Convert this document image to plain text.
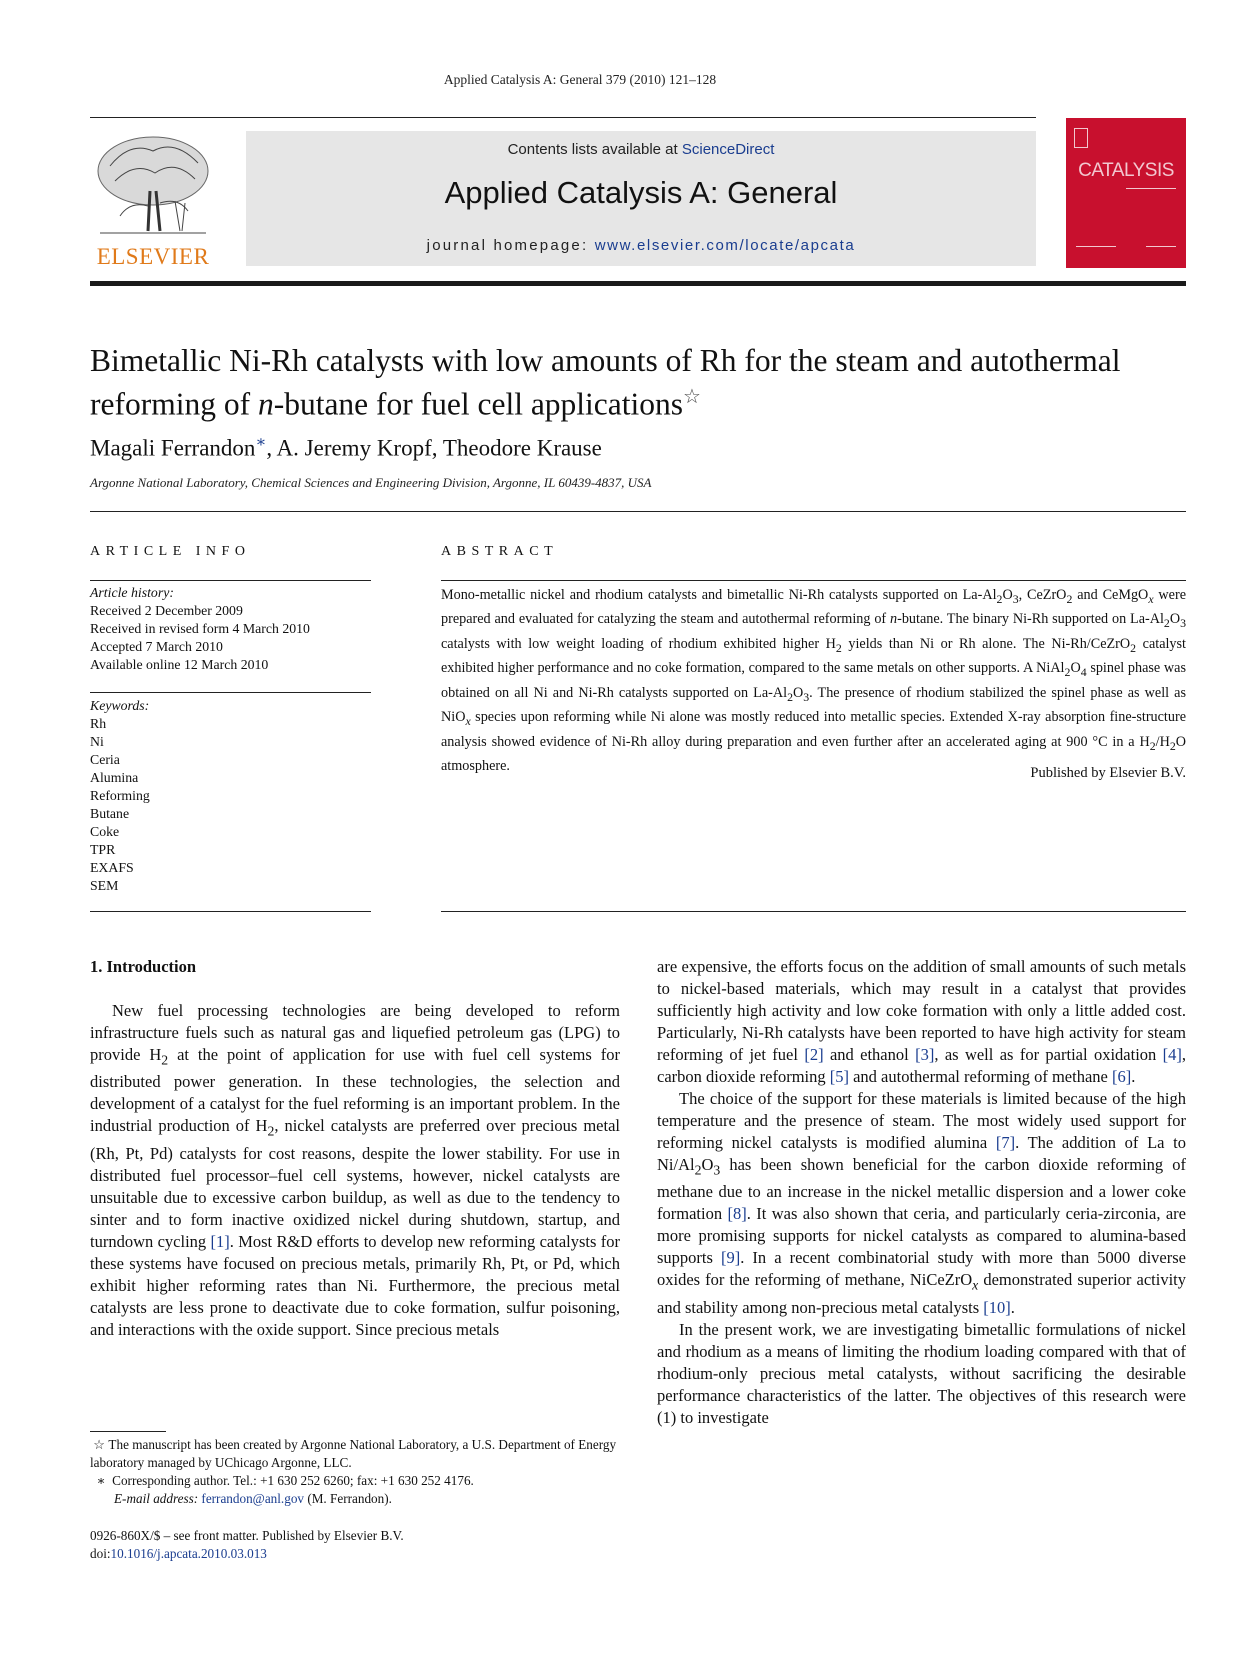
Applied Catalysis A: General 379 (2010) 121–128
ELSEVIER
Contents lists available at ScienceDirect
Applied Catalysis A: General
journal homepage: www.elsevier.com/locate/apcata
CATALYSIS
Bimetallic Ni-Rh catalysts with low amounts of Rh for the steam and autothermal reforming of n-butane for fuel cell applications☆
Magali Ferrandon∗, A. Jeremy Kropf, Theodore Krause
Argonne National Laboratory, Chemical Sciences and Engineering Division, Argonne, IL 60439-4837, USA
ARTICLE INFO	ABSTRACT
Article history:
Received 2 December 2009
Received in revised form 4 March 2010
Accepted 7 March 2010
Available online 12 March 2010
Keywords:
Rh
Ni
Ceria
Alumina
Reforming
Butane
Coke
TPR
EXAFS
SEM
Mono-metallic nickel and rhodium catalysts and bimetallic Ni-Rh catalysts supported on $La-Al_2O_3$, CeZrO$_2$ and CeMgO$_x$ were prepared and evaluated for catalyzing the steam and autothermal reforming of n-butane. The binary Ni-Rh supported on $La-Al_2O_3$ catalysts with low weight loading of rhodium exhibited higher $H_2$ yields than Ni or Rh alone. The Ni-Rh/CeZrO$_2$ catalyst exhibited higher performance and no coke formation, compared to the same metals on other supports. A $NiAl_2O_4$ spinel phase was obtained on all Ni and Ni-Rh catalysts supported on $La-Al_2O_3$. The presence of rhodium stabilized the spinel phase as well as NiO$_x$ species upon reforming while Ni alone was mostly reduced into metallic species. Extended X-ray absorption fine-structure analysis showed evidence of Ni-Rh alloy during preparation and even further after an accelerated aging at 900 °C in a $H_2/H_2O$ atmosphere.	Published by Elsevier B.V.
1. Introduction

New fuel processing technologies are being developed to reform infrastructure fuels such as natural gas and liquefied petroleum gas (LPG) to provide $H_2$ at the point of application for use with fuel cell systems for distributed power generation. In these technologies, the selection and development of a catalyst for the fuel reforming is an important problem. In the industrial production of $H_2$, nickel catalysts are preferred over precious metal (Rh, Pt, Pd) catalysts for cost reasons, despite the lower stability. For use in distributed fuel processor–fuel cell systems, however, nickel catalysts are unsuitable due to excessive carbon buildup, as well as due to the tendency to sinter and to form inactive oxidized nickel during shutdown, startup, and turndown cycling [1]. Most R&D efforts to develop new reforming catalysts for these systems have focused on precious metals, primarily Rh, Pt, or Pd, which exhibit higher reforming rates than Ni. Furthermore, the precious metal catalysts are less prone to deactivate due to coke formation, sulfur poisoning, and interactions with the oxide support. Since precious metals

are expensive, the efforts focus on the addition of small amounts of such metals to nickel-based materials, which may result in a catalyst that provides sufficiently high activity and low coke formation with only a little added cost. Particularly, Ni-Rh catalysts have been reported to have high activity for steam reforming of jet fuel [2] and ethanol [3], as well as for partial oxidation [4], carbon dioxide reforming [5] and autothermal reforming of methane [6].

The choice of the support for these materials is limited because of the high temperature and the presence of steam. The most widely used support for reforming nickel catalysts is modified alumina [7]. The addition of La to $Ni/Al_2O_3$ has been shown beneficial for the carbon dioxide reforming of methane due to an increase in the nickel metallic dispersion and a lower coke formation [8]. It was also shown that ceria, and particularly ceria-zirconia, are more promising supports for nickel catalysts as compared to alumina-based supports [9]. In a recent combinatorial study with more than 5000 diverse oxides for the reforming of methane, NiCeZrO$_x$ demonstrated superior activity and stability among non-precious metal catalysts [10].

In the present work, we are investigating bimetallic formulations of nickel and rhodium as a means of limiting the rhodium loading compared with that of rhodium-only precious metal catalysts, without sacrificing the desirable performance characteristics of the latter. The objectives of this research were (1) to investigate

☆ The manuscript has been created by Argonne National Laboratory, a U.S. Department of Energy laboratory managed by UChicago Argonne, LLC.
∗  Corresponding author. Tel.: +1 630 252 6260; fax: +1 630 252 4176.
E-mail address: ferrandon@anl.gov (M. Ferrandon).
0926-860X/$ – see front matter. Published by Elsevier B.V.
doi:10.1016/j.apcata.2010.03.013
